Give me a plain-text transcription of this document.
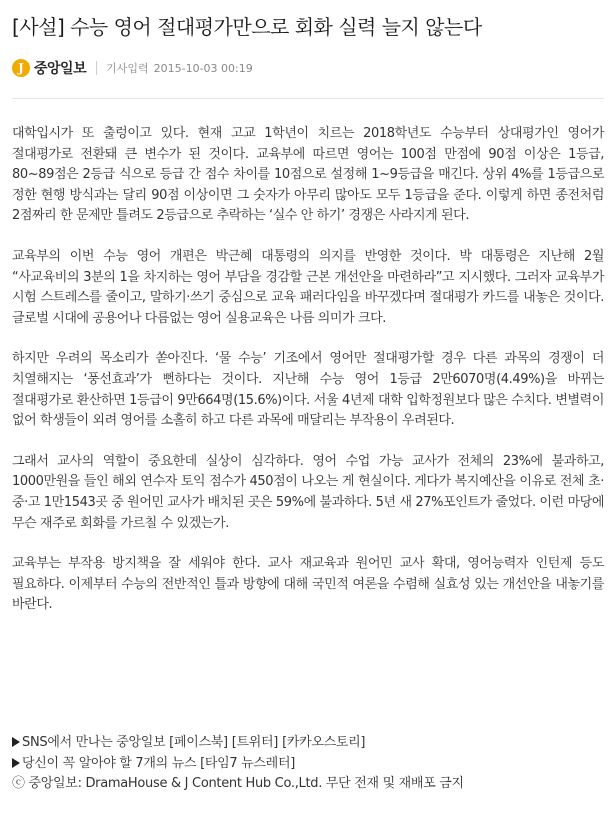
[사설] 수능 영어 절대평가만으로 회화 실력 늘지 않는다
J 중앙일보 기사입력 2015-10-03 00:19

대학입시가 또 출렁이고 있다. 현재 고교 1학년이 치르는 2018학년도 수능부터 상대평가인 영어가 절대평가로 전환돼 큰 변수가 된 것이다. 교육부에 따르면 영어는 100점 만점에 90점 이상은 1등급, 80~89점은 2등급 식으로 등급 간 점수 차이를 10점으로 설정해 1~9등급을 매긴다. 상위 4%를 1등급으로 정한 현행 방식과는 달리 90점 이상이면 그 숫자가 아무리 많아도 모두 1등급을 준다. 이렇게 하면 종전처럼 2점짜리 한 문제만 틀려도 2등급으로 추락하는 ‘실수 안 하기’ 경쟁은 사라지게 된다.

교육부의 이번 수능 영어 개편은 박근혜 대통령의 의지를 반영한 것이다. 박 대통령은 지난해 2월 “사교육비의 3분의 1을 차지하는 영어 부담을 경감할 근본 개선안을 마련하라”고 지시했다. 그러자 교육부가 시험 스트레스를 줄이고, 말하기·쓰기 중심으로 교육 패러다임을 바꾸겠다며 절대평가 카드를 내놓은 것이다. 글로벌 시대에 공용어나 다름없는 영어 실용교육은 나름 의미가 크다.

하지만 우려의 목소리가 쏟아진다. ‘물 수능’ 기조에서 영어만 절대평가할 경우 다른 과목의 경쟁이 더 치열해지는 ‘풍선효과’가 뻔하다는 것이다. 지난해 수능 영어 1등급 2만6070명(4.49%)을 바뀌는 절대평가로 환산하면 1등급이 9만664명(15.6%)이다. 서울 4년제 대학 입학정원보다 많은 수치다. 변별력이 없어 학생들이 외려 영어를 소홀히 하고 다른 과목에 매달리는 부작용이 우려된다.

그래서 교사의 역할이 중요한데 실상이 심각하다. 영어 수업 가능 교사가 전체의 23%에 불과하고, 1000만원을 들인 해외 연수자 토익 점수가 450점이 나오는 게 현실이다. 게다가 복지예산을 이유로 전체 초·중·고 1만1543곳 중 원어민 교사가 배치된 곳은 59%에 불과하다. 5년 새 27%포인트가 줄었다. 이런 마당에 무슨 재주로 회화를 가르칠 수 있겠는가.

교육부는 부작용 방지책을 잘 세워야 한다. 교사 재교육과 원어민 교사 확대, 영어능력자 인턴제 등도 필요하다. 이제부터 수능의 전반적인 틀과 방향에 대해 국민적 여론을 수렴해 실효성 있는 개선안을 내놓기를 바란다.

SNS에서 만나는 중앙일보 [페이스북] [트위터] [카카오스토리]
당신이 꼭 알아야 할 7개의 뉴스 [타임7 뉴스레터]
ⓒ 중앙일보: DramaHouse & J Content Hub Co.,Ltd. 무단 전재 및 재배포 금지
